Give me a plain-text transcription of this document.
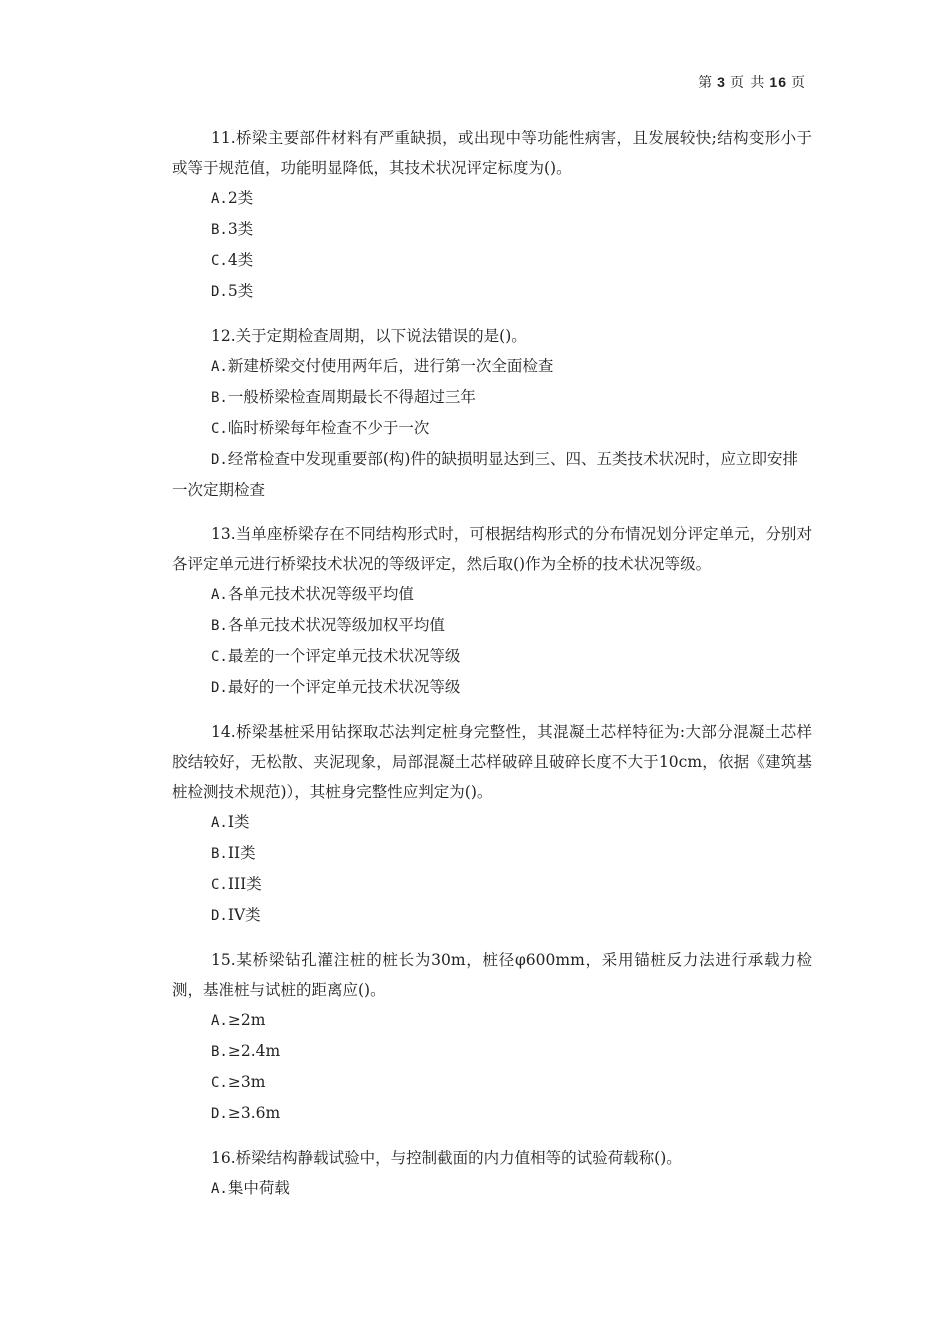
第 3 页 共 16 页

11.桥梁主要部件材料有严重缺损，或出现中等功能性病害，且发展较快;结构变形小于或等于规范值，功能明显降低，其技术状况评定标度为()。

A.2类

B.3类

C.4类

D.5类

12.关于定期检查周期，以下说法错误的是()。

A.新建桥梁交付使用两年后，进行第一次全面检查

B.一般桥梁检查周期最长不得超过三年

C.临时桥梁每年检查不少于一次

D.经常检查中发现重要部(构)件的缺损明显达到三、四、五类技术状况时，应立即安排一次定期检查

13.当单座桥梁存在不同结构形式时，可根据结构形式的分布情况划分评定单元，分别对各评定单元进行桥梁技术状况的等级评定，然后取()作为全桥的技术状况等级。

A.各单元技术状况等级平均值

B.各单元技术状况等级加权平均值

C.最差的一个评定单元技术状况等级

D.最好的一个评定单元技术状况等级

14.桥梁基桩采用钻探取芯法判定桩身完整性，其混凝土芯样特征为:大部分混凝土芯样胶结较好，无松散、夹泥现象，局部混凝土芯样破碎且破碎长度不大于10cm，依据《建筑基桩检测技术规范)），其桩身完整性应判定为()。

A.I类

B.II类

C.III类

D.IV类

15.某桥梁钻孔灌注桩的桩长为30m，桩径φ600mm，采用锚桩反力法进行承载力检测，基准桩与试桩的距离应()。

A.≥2m

B.≥2.4m

C.≥3m

D.≥3.6m

16.桥梁结构静载试验中，与控制截面的内力值相等的试验荷载称()。

A.集中荷载
